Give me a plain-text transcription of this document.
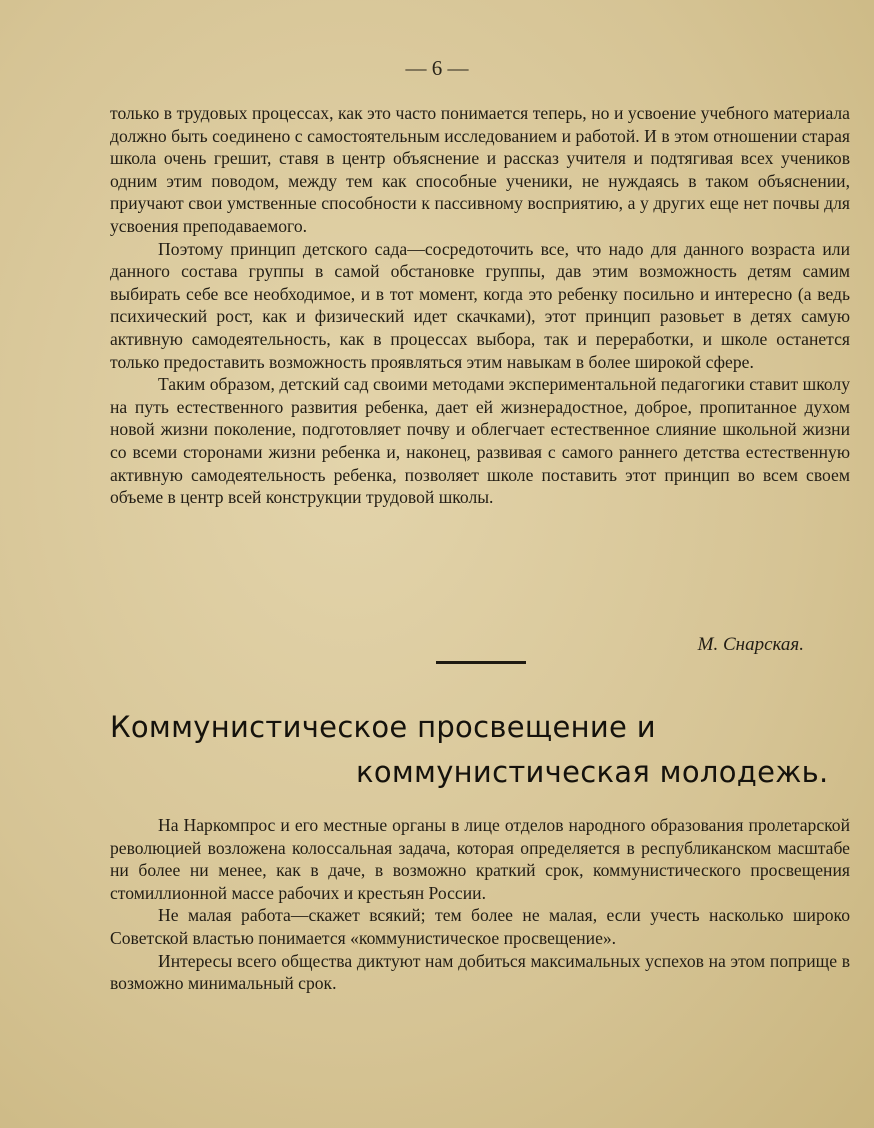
— 6 —

только в трудовых процессах, как это часто понимается теперь, но и усвоение учебного материала должно быть соединено с самостоятельным исследованием и работой. И в этом отношении старая школа очень грешит, ставя в центр объяснение и рассказ учителя и подтягивая всех учеников одним этим поводом, между тем как способные ученики, не нуждаясь в таком объяснении, приучают свои умственные способности к пассивному восприятию, а у других еще нет почвы для усвоения преподаваемого.

Поэтому принцип детского сада—сосредоточить все, что надо для данного возраста или данного состава группы в самой обстановке группы, дав этим возможность детям самим выбирать себе все необходимое, и в тот момент, когда это ребенку посильно и интересно (а ведь психический рост, как и физический идет скачками), этот принцип разовьет в детях самую активную самодеятельность, как в процессах выбора, так и переработки, и школе останется только предоставить возможность проявляться этим навыкам в более широкой сфере.

Таким образом, детский сад своими методами экспериментальной педагогики ставит школу на путь естественного развития ребенка, дает ей жизнерадостное, доброе, пропитанное духом новой жизни поколение, подготовляет почву и облегчает естественное слияние школьной жизни со всеми сторонами жизни ребенка и, наконец, развивая с самого раннего детства естественную активную самодеятельность ребенка, позволяет школе поставить этот принцип во всем своем объеме в центр всей конструкции трудовой школы.

М. Снарская.
Коммунистическое просвещение и
коммунистическая молодежь.

На Наркомпрос и его местные органы в лице отделов народного образования пролетарской революцией возложена колоссальная задача, которая определяется в республиканском масштабе ни более ни менее, как в даче, в возможно краткий срок, коммунистического просвещения стомиллионной массе рабочих и крестьян России.

Не малая работа—скажет всякий; тем более не малая, если учесть насколько широко Советской властью понимается «коммунистическое просвещение».

Интересы всего общества диктуют нам добиться максимальных успехов на этом поприще в возможно минимальный срок.
